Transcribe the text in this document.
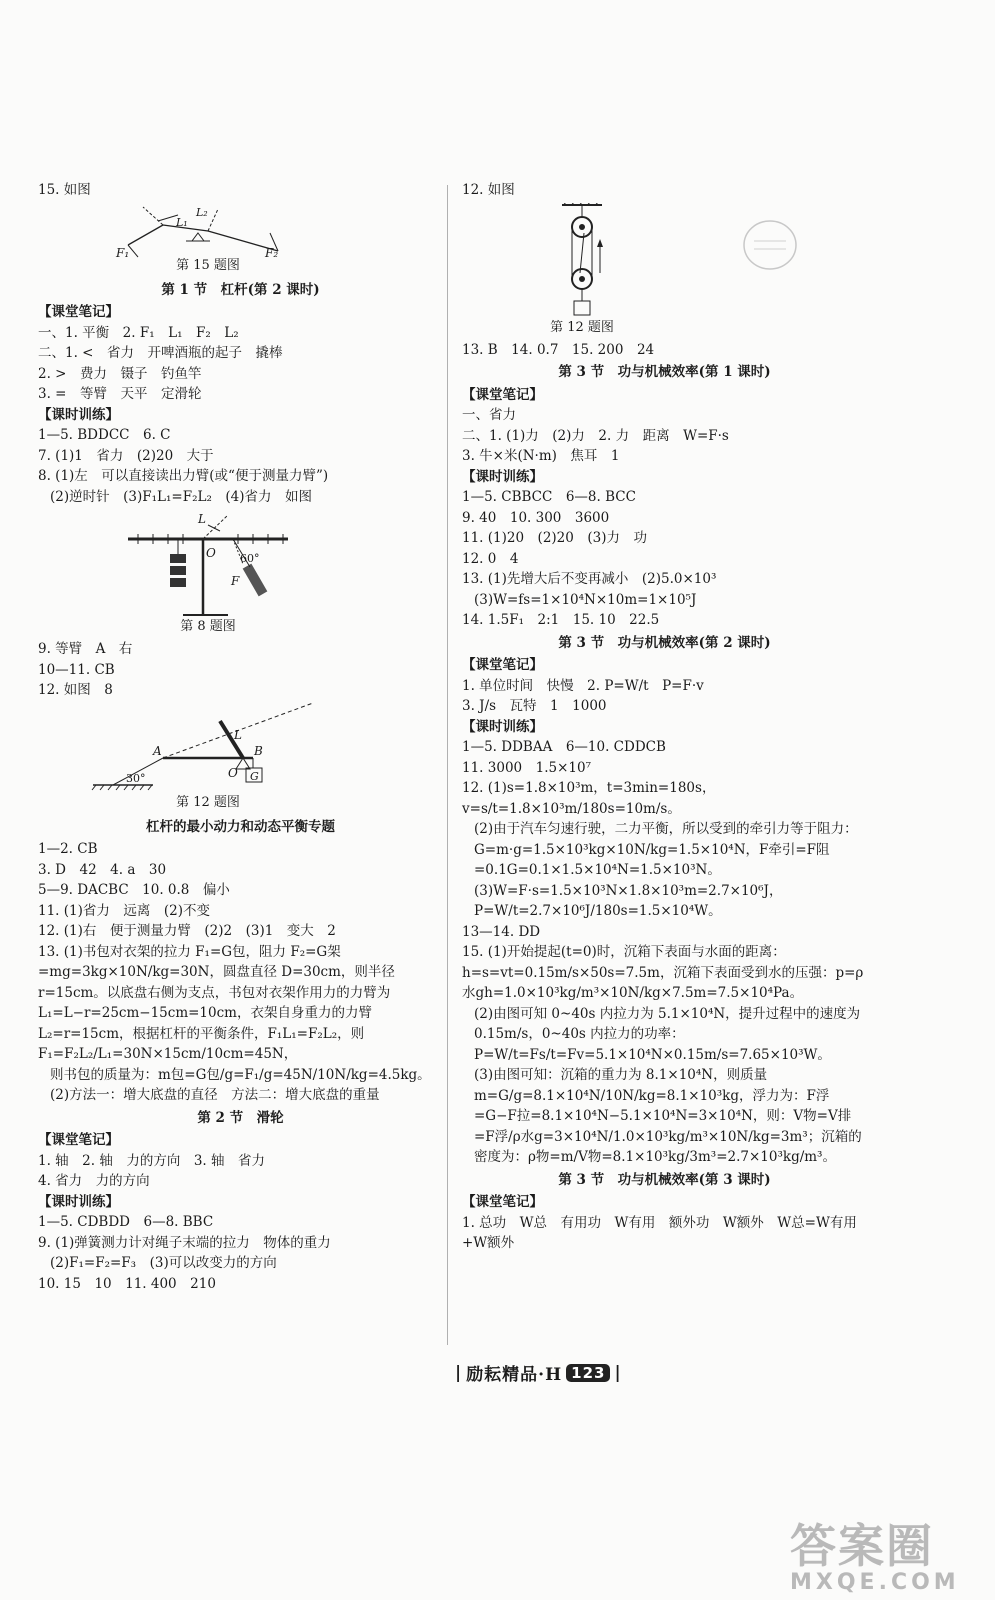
15. 如图
F₁	F₂
L₁
L₂
第 15 题图
第 1 节　杠杆(第 2 课时)
【课堂笔记】
一、1. 平衡　2. F₁　L₁　F₂　L₂
二、1. <　省力　开啤酒瓶的起子　撬棒
2. >　费力　镊子　钓鱼竿
3. =　等臂　天平　定滑轮
【课时训练】
1—5. BDDCC　6. C
7. (1)1　省力　(2)20　大于
8. (1)左　可以直接读出力臂(或“便于测量力臂”)
(2)逆时针　(3)F₁L₁=F₂L₂　(4)省力　如图
L
O
F
60°
第 8 题图
9. 等臂　A　右
10—11. CB
12. 如图　8
A	B
O
L
G
30°
第 12 题图
杠杆的最小动力和动态平衡专题
1—2. CB
3. D　42　4. a　30
5—9. DACBC　10. 0.8　偏小
11. (1)省力　远离　(2)不变
12. (1)右　便于测量力臂　(2)2　(3)1　变大　2
13. (1)书包对衣架的拉力 F₁=G包，阻力 F₂=G架=mg=3kg×10N/kg=30N，圆盘直径 D=30cm，则半径 r=15cm。以底盘右侧为支点，书包对衣架作用力的力臂为 L₁=L−r=25cm−15cm=10cm，衣架自身重力的力臂 L₂=r=15cm，根据杠杆的平衡条件，F₁L₁=F₂L₂，则 F₁=F₂L₂/L₁=30N×15cm/10cm=45N，
则书包的质量为：m包=G包/g=F₁/g=45N/10N/kg=4.5kg。
(2)方法一：增大底盘的直径　方法二：增大底盘的重量
第 2 节　滑轮
【课堂笔记】
1. 轴　2. 轴　力的方向　3. 轴　省力
4. 省力　力的方向
【课时训练】
1—5. CDBDD　6—8. BBC
9. (1)弹簧测力计对绳子末端的拉力　物体的重力
(2)F₁=F₂=F₃　(3)可以改变力的方向
10. 15　10　11. 400　210
12. 如图
第 12 题图
13. B　14. 0.7　15. 200　24
第 3 节　功与机械效率(第 1 课时)
【课堂笔记】
一、省力
二、1. (1)力　(2)力　2. 力　距离　W=F·s
3. 牛×米(N·m)　焦耳　1
【课时训练】
1—5. CBBCC　6—8. BCC
9. 40　10. 300　3600
11. (1)20　(2)20　(3)力　功
12. 0　4
13. (1)先增大后不变再减小　(2)5.0×10³
(3)W=fs=1×10⁴N×10m=1×10⁵J
14. 1.5F₁　2:1　15. 10　22.5
第 3 节　功与机械效率(第 2 课时)
【课堂笔记】
1. 单位时间　快慢　2. P=W/t　P=F·v
3. J/s　瓦特　1　1000
【课时训练】
1—5. DDBAA　6—10. CDDCB
11. 3000　1.5×10⁷
12. (1)s=1.8×10³m，t=3min=180s，v=s/t=1.8×10³m/180s=10m/s。
(2)由于汽车匀速行驶，二力平衡，所以受到的牵引力等于阻力：G=m·g=1.5×10³kg×10N/kg=1.5×10⁴N，F牵引=F阻=0.1G=0.1×1.5×10⁴N=1.5×10³N。
(3)W=F·s=1.5×10³N×1.8×10³m=2.7×10⁶J，P=W/t=2.7×10⁶J/180s=1.5×10⁴W。
13—14. DD
15. (1)开始提起(t=0)时，沉箱下表面与水面的距离：h=s=vt=0.15m/s×50s=7.5m，沉箱下表面受到水的压强：p=ρ水gh=1.0×10³kg/m³×10N/kg×7.5m=7.5×10⁴Pa。
(2)由图可知 0~40s 内拉力为 5.1×10⁴N，提升过程中的速度为 0.15m/s，0~40s 内拉力的功率：P=W/t=Fs/t=Fv=5.1×10⁴N×0.15m/s=7.65×10³W。
(3)由图可知：沉箱的重力为 8.1×10⁴N，则质量 m=G/g=8.1×10⁴N/10N/kg=8.1×10³kg，浮力为：F浮=G−F拉=8.1×10⁴N−5.1×10⁴N=3×10⁴N，则：V物=V排=F浮/ρ水g=3×10⁴N/1.0×10³kg/m³×10N/kg=3m³；沉箱的密度为：ρ物=m/V物=8.1×10³kg/3m³=2.7×10³kg/m³。
第 3 节　功与机械效率(第 3 课时)
【课堂笔记】
1. 总功　W总　有用功　W有用　额外功　W额外　W总=W有用+W额外
| 励耘精品·H 123 |
答案圈
MXQE.COM
